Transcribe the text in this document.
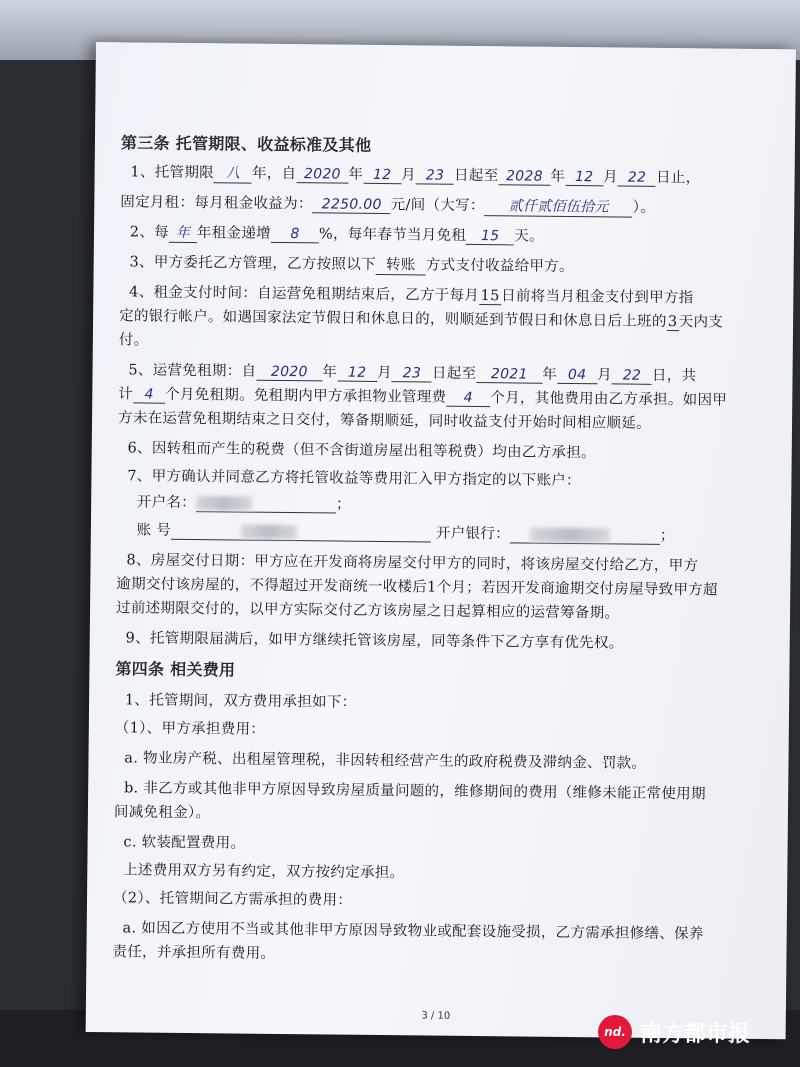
第三条 托管期限、收益标准及其他
1、托管期限 八 年，自 2020 年 12 月 23 日起至 2028 年 12 月 22 日止，
固定月租：每月租金收益为： 2250.00 元/间（大写： 贰仟贰佰伍拾元 ）。
2、每 年 年租金递增 8 %，每年春节当月免租 15 天。
3、甲方委托乙方管理，乙方按照以下 转账 方式支付收益给甲方。
4、租金支付时间：自运营免租期结束后，乙方于每月15日前将当月租金支付到甲方指
定的银行帐户。如遇国家法定节假日和休息日的，则顺延到节假日和休息日后上班的3天内支
付。
5、运营免租期：自 2020 年 12 月 23 日起至 2021 年 04 月 22 日，共
计 4 个月免租期。免租期内甲方承担物业管理费 4 个月，其他费用由乙方承担。如因甲
方未在运营免租期结束之日交付，筹备期顺延，同时收益支付开始时间相应顺延。
6、因转租而产生的税费（但不含街道房屋出租等税费）均由乙方承担。
7、甲方确认并同意乙方将托管收益等费用汇入甲方指定的以下账户：
开户名：	；
账 号	开户银行：	；
8、房屋交付日期：甲方应在开发商将房屋交付甲方的同时，将该房屋交付给乙方，甲方
逾期交付该房屋的，不得超过开发商统一收楼后1个月；若因开发商逾期交付房屋导致甲方超
过前述期限交付的，以甲方实际交付乙方该房屋之日起算相应的运营筹备期。
9、托管期限届满后，如甲方继续托管该房屋，同等条件下乙方享有优先权。
第四条 相关费用
1、托管期间，双方费用承担如下：
（1）、甲方承担费用：
a. 物业房产税、出租屋管理税，非因转租经营产生的政府税费及滞纳金、罚款。
b. 非乙方或其他非甲方原因导致房屋质量问题的，维修期间的费用（维修未能正常使用期
间减免租金）。
c. 软装配置费用。
上述费用双方另有约定，双方按约定承担。
（2）、托管期间乙方需承担的费用：
a. 如因乙方使用不当或其他非甲方原因导致物业或配套设施受损，乙方需承担修缮、保养
责任，并承担所有费用。
3 / 10
nd. 南方都市报
